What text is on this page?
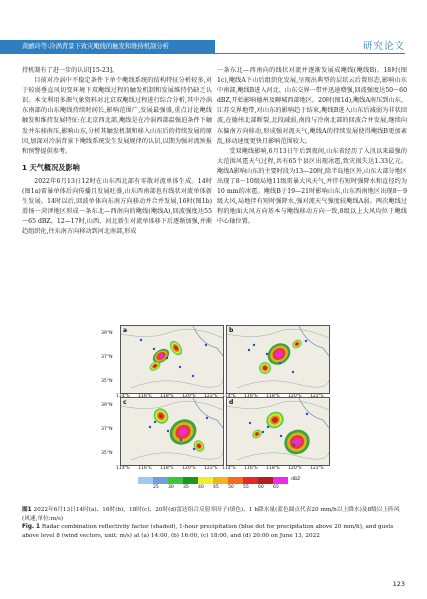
黄鹂玲等:冷涡背景下致灾飑线的触发和维持机制分析	研究论文

持机制有了进一步的认识[15-23]。

目前对冷涡中不稳定条件下单个飑线系统的结构特征分析较多,对于较弱垂直风切变环境下双飑线过程的触发机制和发展维持仍缺乏认识。本文利用多源气象资料对北京双飑线过程进行综合分析,其中冷涡东南部的山东飑线持续时间长,影响范围广,发展最强盛,重点讨论飑线触发和维持发展特征:在北京西北部,飑线是在冷涡西部温强迫条件下触发并东移南压,影响山东,分析其触发机制和移入山东后的持续发展的原因,加深对冷涡背景下飑线系统发生发展规律的认识,以期为强对流预报和预警提供参考。

1 天气概况及影响

2022年6月13日12时在山东西北部有零散对流单体生成。14时(图1a)雷暴单体后向传播且发展旺盛,山东西南部也有线状对流单体新生发展。14时以后,回波单体向东南方向移动并合并发展,16时(图1b)滑扬一菏泽地区形成一条东北—西南向的飑线(飑线A),回波强度达55～65 dBZ。12—17时,山西、河北新生对流单体移下后逐渐加强,并渐趋组织化,往东南方向移动到河北南部,形成

一条东北—西南向的线状对流并逐渐发展成飑线(飑线B)。18时(图1c),飑线A下山后组织化发展,呈现出典型的层状云后置形态,影响山东中南部,飑线B进入河北、山东交界一带并迅速增强,回波强度达50～60 dBZ,开始影响德州及聊城西部地区。20时(图1d),飑线A南压到山东、江苏交界地带,对山东的影响趋于结束,飑线B进入山东后减弱为非状回波,在德州北部断裂,北段减弱,南段与冷南北部的回波合并发展,继续向东偏南方向移动,形成强对流天气,飑线A的持续发展使得飑线B更加紊乱,移动速度更快且影响范围较大。

受双飑线影响,6月13日午后到夜间,山东省经历了入汛以来最强的大范围风雹天气过程,共有65个县区出现冰雹,致灾损失达1.33亿元。飑线A影响山东的主要时段为13—20时,除半岛地区外,山东大部分地区出现了8～10级局地11级雷暴大风天气,并伴有短时强降水和直径约为10 mm的冰雹。飑线B于19—21时影响山东,山东西南地区出现8～9级大风,局地伴有短时强降水,强对流天气强度较飑线A弱。两次飑线过程的地面大风方向基本与飑线移动方向一致,8级以上大风均位于飑线中心轴位置。

a	b
c	d
39°N
37°N
35°N
39°N
37°N
35°N
114°E 116°E 118°E 120°E 122°E 114°E 116°E 118°E 120°E 122°E
114°E 116°E 118°E 120°E 122°E 114°E 116°E 118°E 120°E 122°E
25 30 35 40 45 50 55 60 65
dBZ

图1 2022年6月13日14时(a)、16时(b)、18时(c)、20时(d)雷达组合反射率因子(填色)、1 h降水量(蓝色圆点代表20 mm/h以上降水)及8级以上阵风(风速,单位:m/s)

Fig. 1 Radar combination reflectivity factor (shaded), 1-hour precipitation (blue dot for precipitation above 20 mm/h), and gusts above level 8 (wind vectors, unit: m/s) at (a) 14:00, (b) 16:00, (c) 18:00, and (d) 20:00 on June 13, 2022

123
